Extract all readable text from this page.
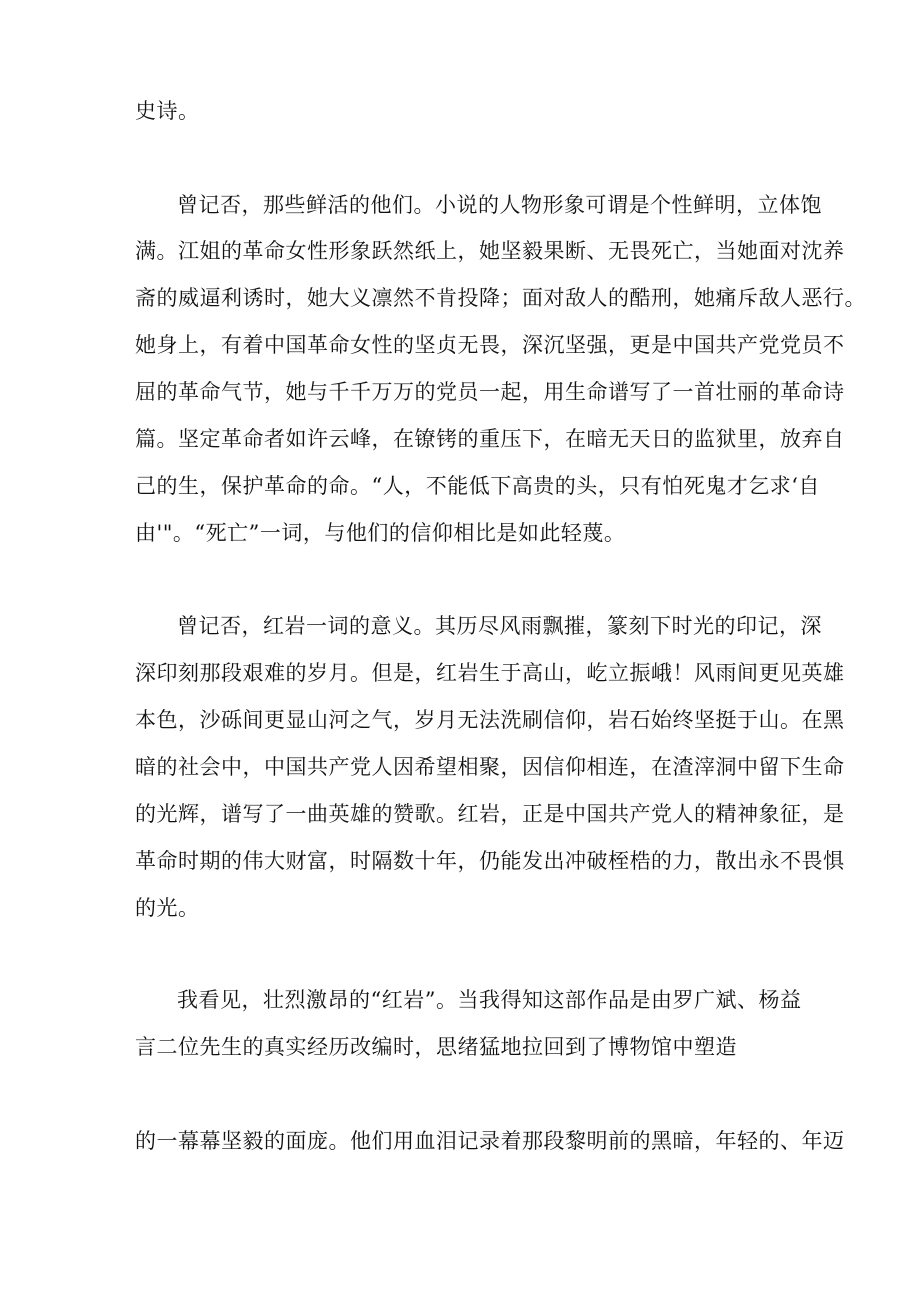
史诗。
曾记否，那些鲜活的他们。小说的人物形象可谓是个性鲜明，立体饱
满。江姐的革命女性形象跃然纸上，她坚毅果断、无畏死亡，当她面对沈养
斋的威逼利诱时，她大义凛然不肯投降；面对敌人的酷刑，她痛斥敌人恶行。
她身上，有着中国革命女性的坚贞无畏，深沉坚强，更是中国共产党党员不
屈的革命气节，她与千千万万的党员一起，用生命谱写了一首壮丽的革命诗
篇。坚定革命者如许云峰，在镣铐的重压下，在暗无天日的监狱里，放弃自
己的生，保护革命的命。“人，不能低下高贵的头，只有怕死鬼才乞求‘自
由'"。“死亡”一词，与他们的信仰相比是如此轻蔑。
曾记否，红岩一词的意义。其历尽风雨飘摧，篆刻下时光的印记，深
深印刻那段艰难的岁月。但是，红岩生于高山，屹立振峨！风雨间更见英雄
本色，沙砾间更显山河之气，岁月无法洗刷信仰，岩石始终坚挺于山。在黑
暗的社会中，中国共产党人因希望相聚，因信仰相连，在渣滓洞中留下生命
的光辉，谱写了一曲英雄的赞歌。红岩，正是中国共产党人的精神象征，是
革命时期的伟大财富，时隔数十年，仍能发出冲破桎梏的力，散出永不畏惧
的光。
我看见，壮烈激昂的“红岩”。当我得知这部作品是由罗广斌、杨益
言二位先生的真实经历改编时，思绪猛地拉回到了博物馆中塑造
的一幕幕坚毅的面庞。他们用血泪记录着那段黎明前的黑暗，年轻的、年迈
